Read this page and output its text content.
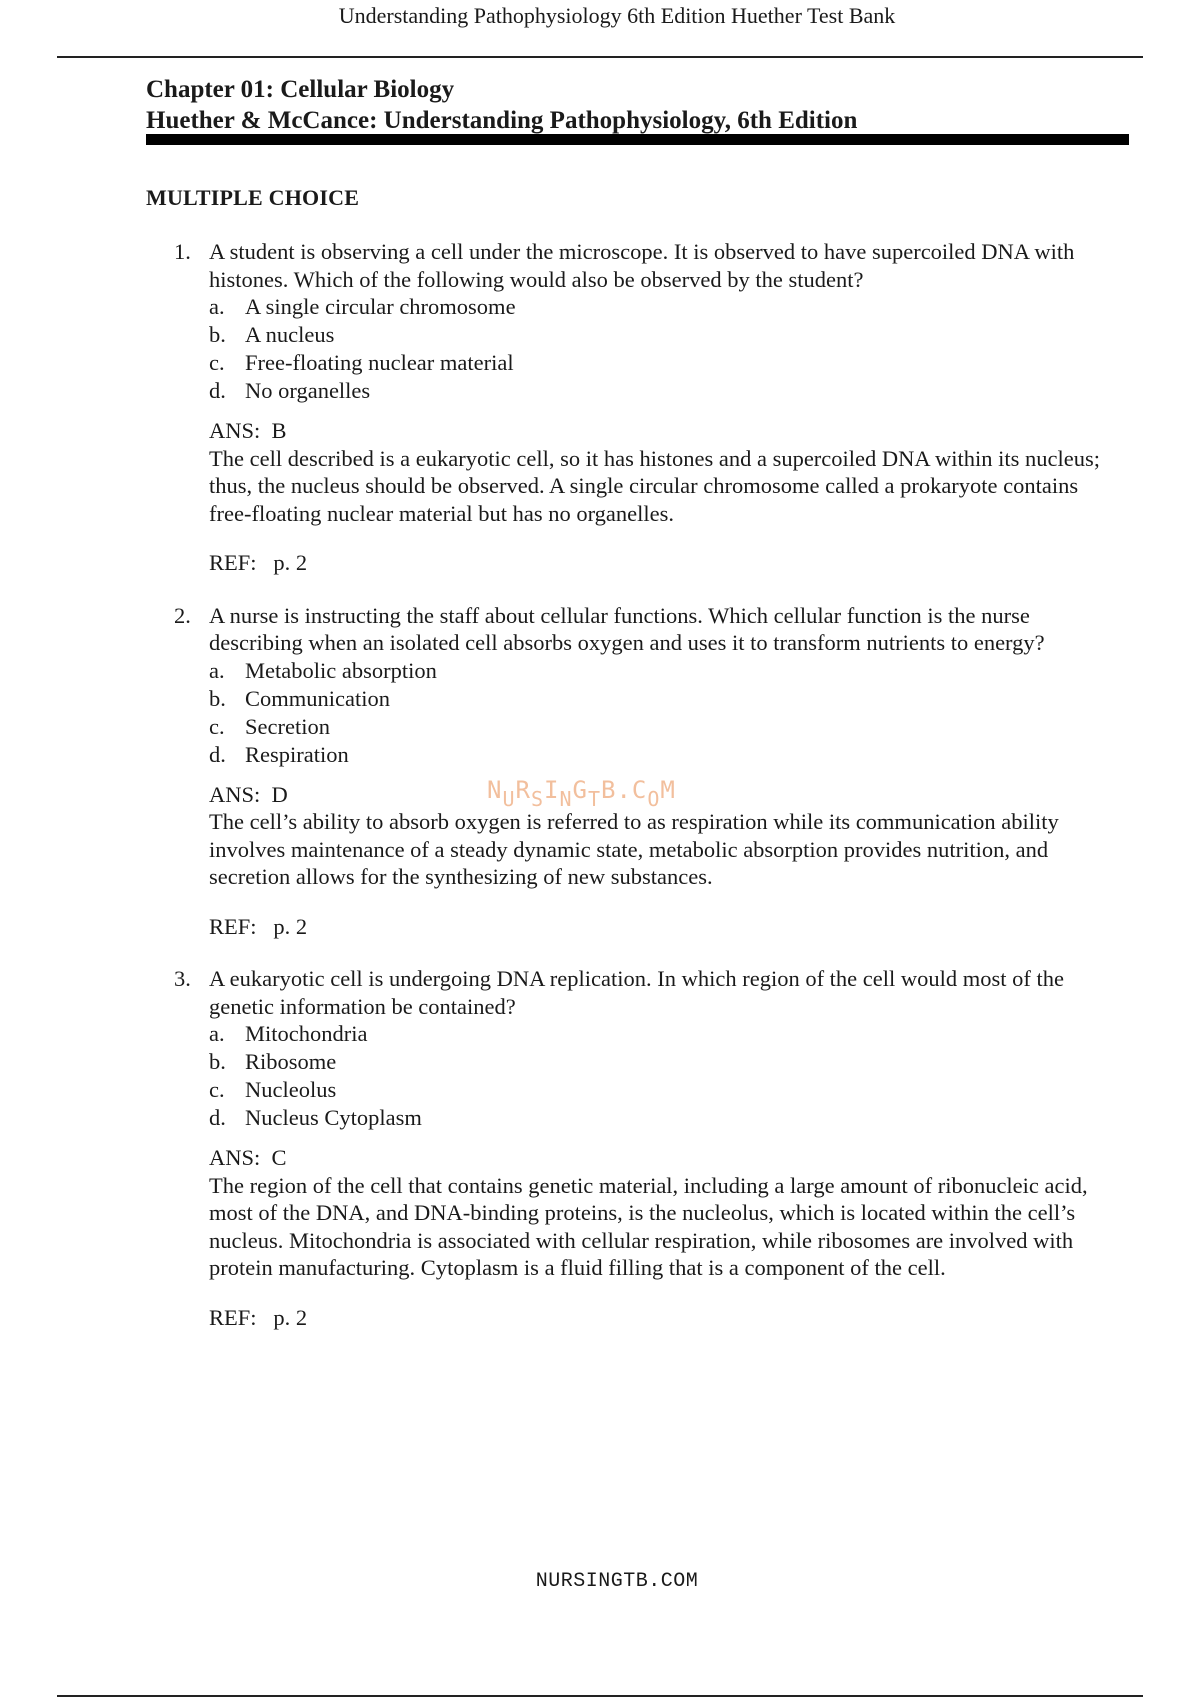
Understanding Pathophysiology 6th Edition Huether Test Bank
Chapter 01: Cellular Biology
Huether & McCance: Understanding Pathophysiology, 6th Edition
MULTIPLE CHOICE
1. A student is observing a cell under the microscope. It is observed to have supercoiled DNA with histones. Which of the following would also be observed by the student?
a. A single circular chromosome
b. A nucleus
c. Free-floating nuclear material
d. No organelles
ANS: B
The cell described is a eukaryotic cell, so it has histones and a supercoiled DNA within its nucleus; thus, the nucleus should be observed. A single circular chromosome called a prokaryote contains free-floating nuclear material but has no organelles.
REF: p. 2
2. A nurse is instructing the staff about cellular functions. Which cellular function is the nurse describing when an isolated cell absorbs oxygen and uses it to transform nutrients to energy?
a. Metabolic absorption
b. Communication
c. Secretion
d. Respiration
ANS: D	$N_UR_SI_NG_TB.C_OM$
The cell’s ability to absorb oxygen is referred to as respiration while its communication ability involves maintenance of a steady dynamic state, metabolic absorption provides nutrition, and secretion allows for the synthesizing of new substances.
REF: p. 2
3. A eukaryotic cell is undergoing DNA replication. In which region of the cell would most of the genetic information be contained?
a. Mitochondria
b. Ribosome
c. Nucleolus
d. Nucleus Cytoplasm
ANS: C
The region of the cell that contains genetic material, including a large amount of ribonucleic acid, most of the DNA, and DNA-binding proteins, is the nucleolus, which is located within the cell’s nucleus. Mitochondria is associated with cellular respiration, while ribosomes are involved with protein manufacturing. Cytoplasm is a fluid filling that is a component of the cell.
REF: p. 2
NURSINGTB.COM
